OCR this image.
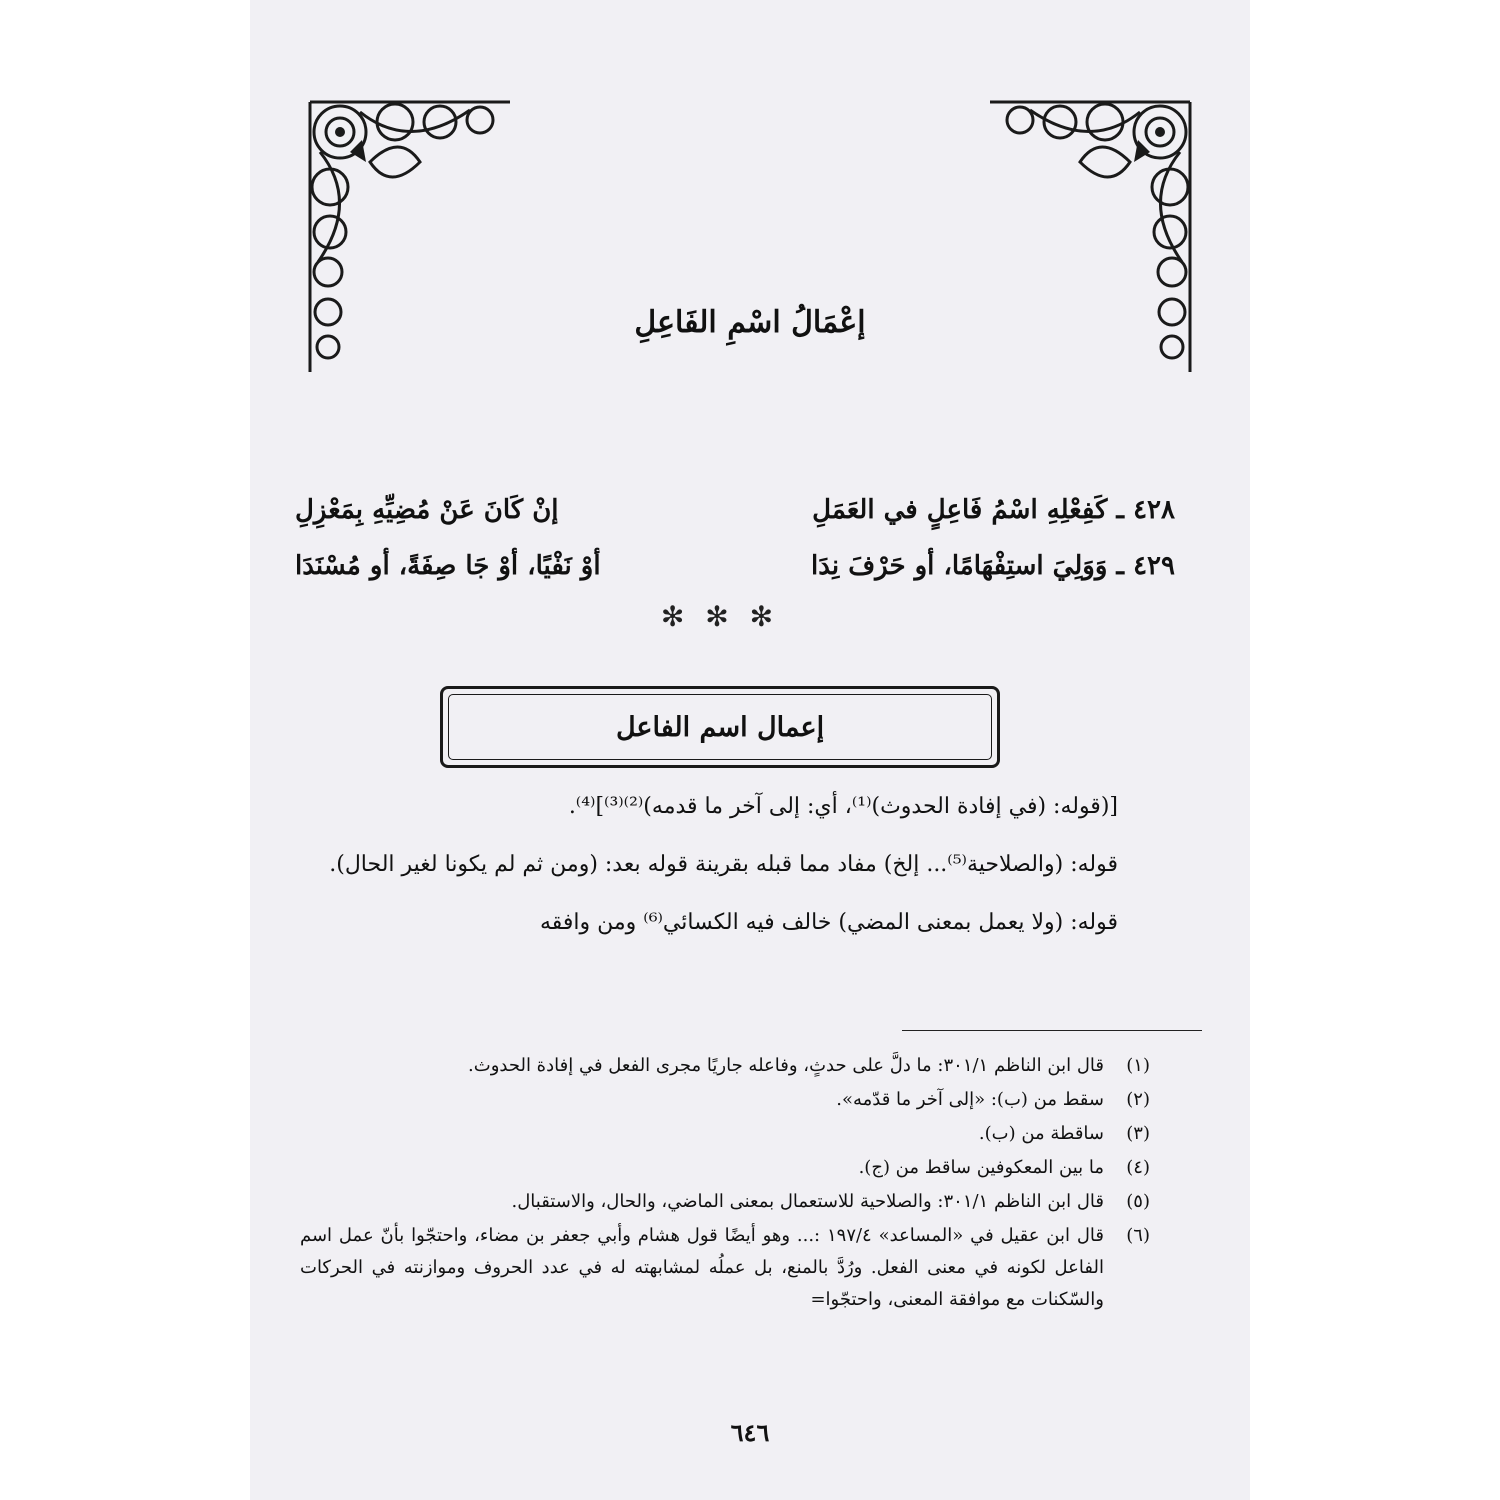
إعْمَالُ اسْمِ الفَاعِلِ
٤٢٨ ـ كَفِعْلِهِ اسْمُ فَاعِلٍ في العَمَلِ
إنْ كَانَ عَنْ مُضِيِّهِ بِمَعْزِلِ
٤٢٩ ـ وَوَلِيَ استِفْهَامًا، أو حَرْفَ نِدَا
أوْ نَفْيًا، أوْ جَا صِفَةً، أو مُسْنَدَا
✻ ✻ ✻
إعمال اسم الفاعل

[(قوله: (في إفادة الحدوث)⁽¹⁾، أي: إلى آخر ما قدمه)⁽²⁾⁽³⁾]⁽⁴⁾.

قوله: (والصلاحية⁽⁵⁾... إلخ) مفاد مما قبله بقرينة قوله بعد: (ومن ثم لم يكونا لغير الحال).

قوله: (ولا يعمل بمعنى المضي) خالف فيه الكسائي⁽⁶⁾ ومن وافقه

(١)
قال ابن الناظم ٣٠١/١: ما دلَّ على حدثٍ، وفاعله جاريًا مجرى الفعل في إفادة الحدوث.
(٢)
سقط من (ب): «إلى آخر ما قدّمه».
(٣)
ساقطة من (ب).
(٤)
ما بين المعكوفين ساقط من (ج).
(٥)
قال ابن الناظم ٣٠١/١: والصلاحية للاستعمال بمعنى الماضي، والحال، والاستقبال.
(٦)
قال ابن عقيل في «المساعد» ١٩٧/٤ :... وهو أيضًا قول هشام وأبي جعفر بن مضاء، واحتجّوا بأنّ عمل اسم الفاعل لكونه في معنى الفعل. ورُدَّ بالمنع، بل عملُه لمشابهته له في عدد الحروف وموازنته في الحركات والسّكنات مع موافقة المعنى، واحتجّوا=
٦٤٦
